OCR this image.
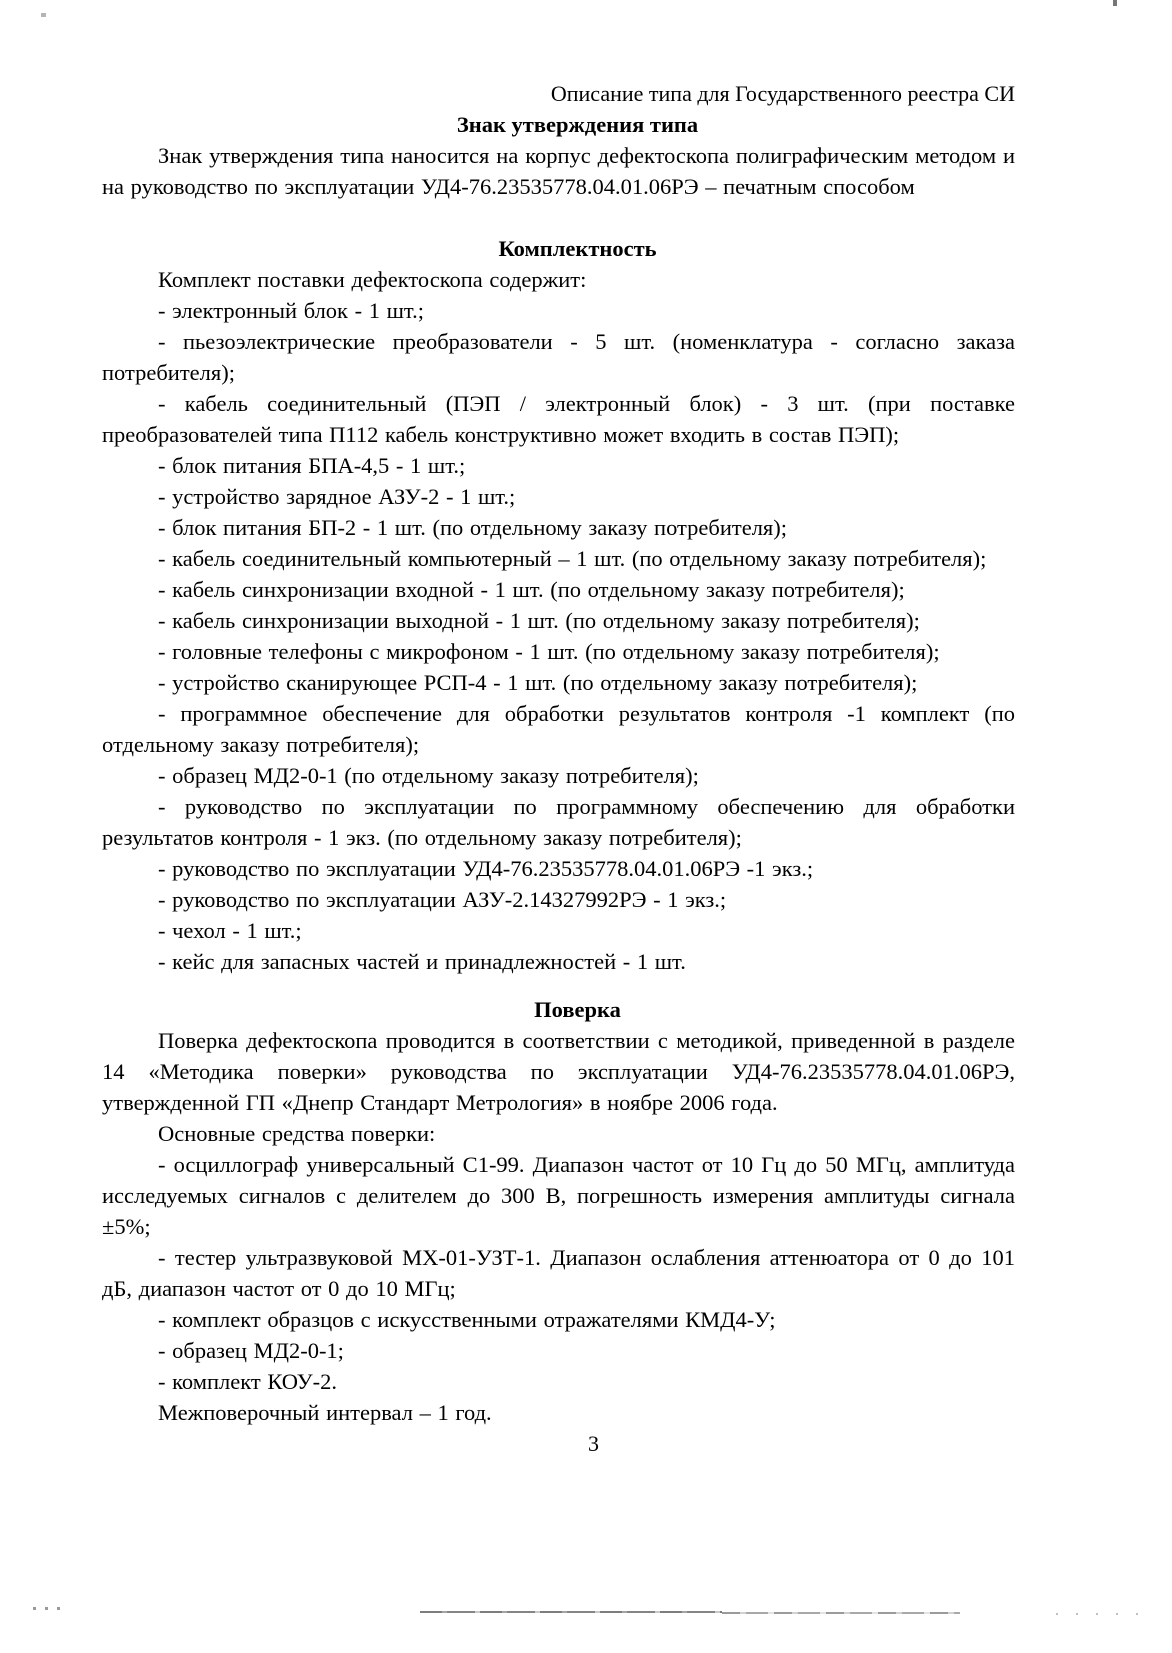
Описание типа для Государственного реестра СИ
Знак утверждения типа

Знак утверждения типа наносится на корпус дефектоскопа полиграфическим методом и на руководство по эксплуатации УД4-76.23535778.04.01.06РЭ – печатным способом

Комплектность

Комплект поставки дефектоскопа содержит:

- электронный блок - 1 шт.;

- пьезоэлектрические преобразователи - 5 шт. (номенклатура - согласно заказа потребителя);

- кабель соединительный (ПЭП / электронный блок) - 3 шт. (при поставке преобразователей типа П112 кабель конструктивно может входить в состав ПЭП);

- блок питания БПА-4,5 - 1 шт.;

- устройство зарядное АЗУ-2 - 1 шт.;

- блок питания БП-2 - 1 шт. (по отдельному заказу потребителя);

- кабель соединительный компьютерный – 1 шт. (по отдельному заказу потребителя);

- кабель синхронизации входной - 1 шт. (по отдельному заказу потребителя);

- кабель синхронизации выходной - 1 шт. (по отдельному заказу потребителя);

- головные телефоны с микрофоном - 1 шт. (по отдельному заказу потребителя);

- устройство сканирующее РСП-4 - 1 шт. (по отдельному заказу потребителя);

- программное обеспечение для обработки результатов контроля -1 комплект (по отдельному заказу потребителя);

- образец МД2-0-1 (по отдельному заказу потребителя);

- руководство по эксплуатации по программному обеспечению для обработки результатов контроля - 1 экз. (по отдельному заказу потребителя);

- руководство по эксплуатации УД4-76.23535778.04.01.06РЭ -1 экз.;

- руководство по эксплуатации АЗУ-2.14327992РЭ - 1 экз.;

- чехол - 1 шт.;

- кейс для запасных частей и принадлежностей - 1 шт.

Поверка

Поверка дефектоскопа проводится в соответствии с методикой, приведенной в разделе 14 «Методика поверки» руководства по эксплуатации УД4-76.23535778.04.01.06РЭ, утвержденной ГП «Днепр Стандарт Метрология» в ноябре 2006 года.

Основные средства поверки:

- осциллограф универсальный С1-99. Диапазон частот от 10 Гц до 50 МГц, амплитуда исследуемых сигналов с делителем до 300 В, погрешность измерения амплитуды сигнала ±5%;

- тестер ультразвуковой МХ-01-УЗТ-1. Диапазон ослабления аттенюатора от 0 до 101 дБ, диапазон частот от 0 до 10 МГц;

- комплект образцов с искусственными отражателями КМД4-У;

- образец МД2-0-1;

- комплект КОУ-2.

Межповерочный интервал – 1 год.

3
